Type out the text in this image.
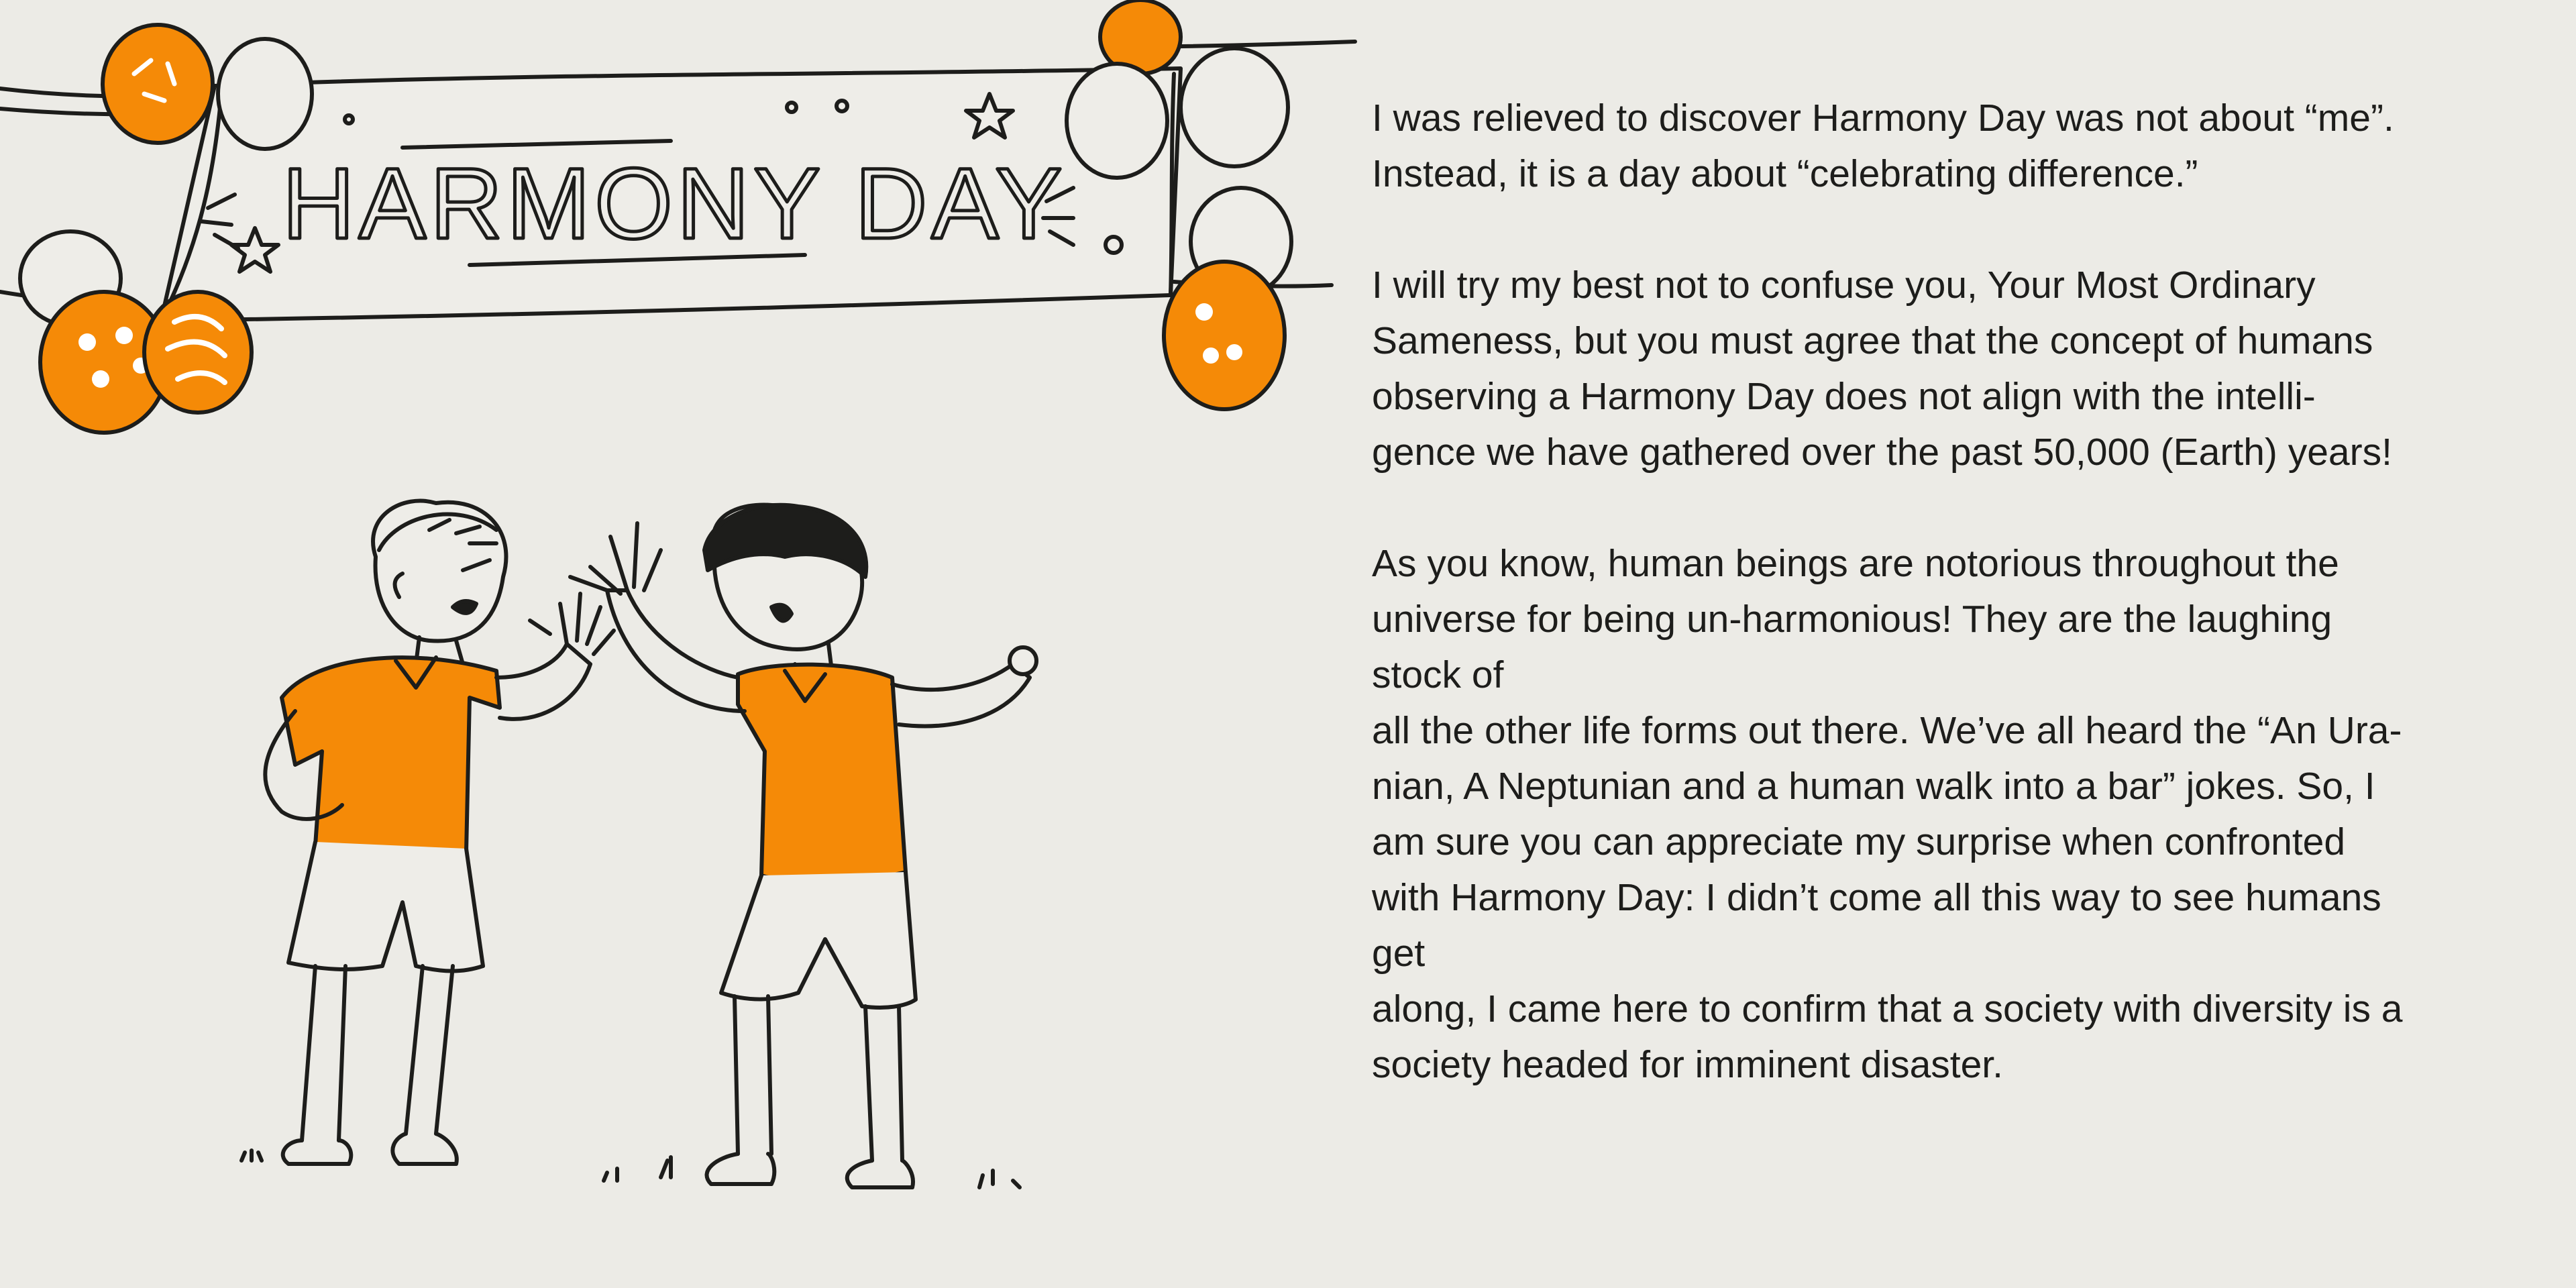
HARMONY DAY

I was relieved to discover Harmony Day was not about “me”.
Instead, it is a day about “celebrating difference.”

I will try my best not to confuse you, Your Most Ordinary
Sameness, but you must agree that the concept of humans
observing a Harmony Day does not align with the intelli-
gence we have gathered over the past 50,000 (Earth) years!

As you know, human beings are notorious throughout the
universe for being un-harmonious! They are the laughing
stock of
all the other life forms out there. We’ve all heard the “An Ura-
nian, A Neptunian and a human walk into a bar” jokes. So, I
am sure you can appreciate my surprise when confronted
with Harmony Day: I didn’t come all this way to see humans
get
along, I came here to confirm that a society with diversity is a
society headed for imminent disaster.
